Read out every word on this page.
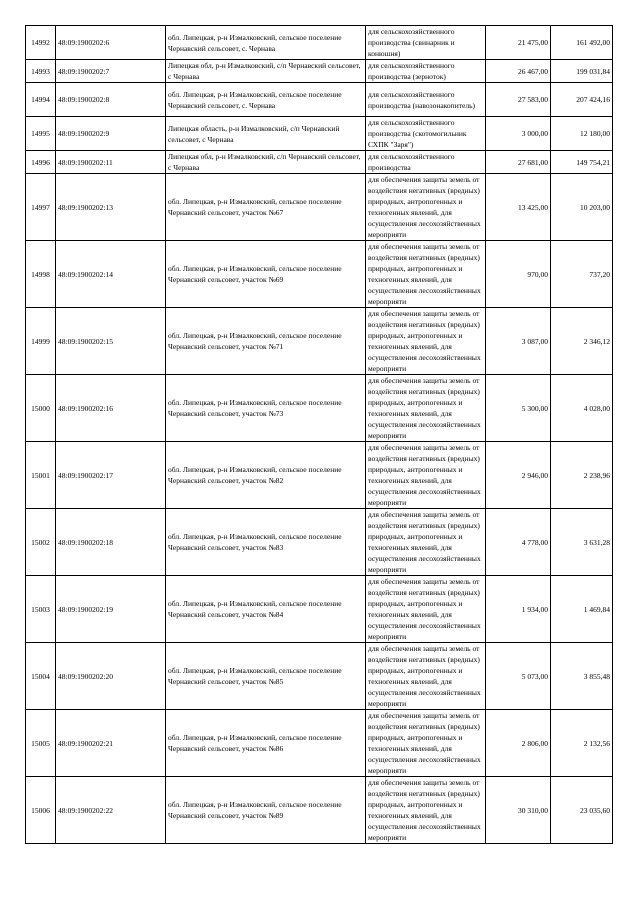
14992	48:09:1900202:6	обл. Липецкая, р-н Измалковский, сельское поселение Чернавский сельсовет, с. Чернава	для сельскохозяйственного производства (свинарник и конюшня)	21 475,00	161 492,00
14993	48:09:1900202:7	Липецкая обл, р-н Измалковский, с/п Чернавский сельсовет, с Чернава	для сельскохозяйственного производства (зерноток)	26 467,00	199 031,84
14994	48:09:1900202:8	обл. Липецкая, р-н Измалковский, сельское поселение Чернавский сельсовет, с. Чернава	для сельскохозяйственного производства (навозонакопитель)	27 583,00	207 424,16
14995	48:09:1900202:9	Липецкая область, р-н Измалковский, с/п Чернавский сельсовет, с Чернава	для сельскохозяйственного производства (скотомогильник СХПК "Заря")	3 000,00	12 180,00
14996	48:09:1900202:11	Липецкая обл, р-н Измалковский, с/п Чернавский сельсовет, с Чернава	для сельскохозяйственного производства	27 681,00	149 754,21
14997	48:09:1900202:13	обл. Липецкая, р-н Измалковский, сельское поселение Чернавский сельсовет, участок №67	для обеспечения защиты земель от воздействия негативных (вредных) природных, антропогенных и техногенных явлений, для осуществления лесохозяйственных мероприяти	13 425,00	10 203,00
14998	48:09:1900202:14	обл. Липецкая, р-н Измалковский, сельское поселение Чернавский сельсовет, участок №69	для обеспечения защиты земель от воздействия негативных (вредных) природных, антропогенных и техногенных явлений, для осуществления лесохозяйственных мероприяти	970,00	737,20
14999	48:09:1900202:15	обл. Липецкая, р-н Измалковский, сельское поселение Чернавский сельсовет, участок №71	для обеспечения защиты земель от воздействия негативных (вредных) природных, антропогенных и техногенных явлений, для осуществления лесохозяйственных мероприяти	3 087,00	2 346,12
15000	48:09:1900202:16	обл. Липецкая, р-н Измалковский, сельское поселение Чернавский сельсовет, участок №73	для обеспечения защиты земель от воздействия негативных (вредных) природных, антропогенных и техногенных явлений, для осуществления лесохозяйственных мероприяти	5 300,00	4 028,00
15001	48:09:1900202:17	обл. Липецкая, р-н Измалковский, сельское поселение Чернавский сельсовет, участок №82	для обеспечения защиты земель от воздействия негативных (вредных) природных, антропогенных и техногенных явлений, для осуществления лесохозяйственных мероприяти	2 946,00	2 238,96
15002	48:09:1900202:18	обл. Липецкая, р-н Измалковский, сельское поселение Чернавский сельсовет, участок №83	для обеспечения защиты земель от воздействия негативных (вредных) природных, антропогенных и техногенных явлений, для осуществления лесохозяйственных мероприяти	4 778,00	3 631,28
15003	48:09:1900202:19	обл. Липецкая, р-н Измалковский, сельское поселение Чернавский сельсовет, участок №84	для обеспечения защиты земель от воздействия негативных (вредных) природных, антропогенных и техногенных явлений, для осуществления лесохозяйственных мероприяти	1 934,00	1 469,84
15004	48:09:1900202:20	обл. Липецкая, р-н Измалковский, сельское поселение Чернавский сельсовет, участок №85	для обеспечения защиты земель от воздействия негативных (вредных) природных, антропогенных и техногенных явлений, для осуществления лесохозяйственных мероприяти	5 073,00	3 855,48
15005	48:09:1900202:21	обл. Липецкая, р-н Измалковский, сельское поселение Чернавский сельсовет, участок №86	для обеспечения защиты земель от воздействия негативных (вредных) природных, антропогенных и техногенных явлений, для осуществления лесохозяйственных мероприяти	2 806,00	2 132,56
15006	48:09:1900202:22	обл. Липецкая, р-н Измалковский, сельское поселение Чернавский сельсовет, участок №89	для обеспечения защиты земель от воздействия негативных (вредных) природных, антропогенных и техногенных явлений, для осуществления лесохозяйственных мероприяти	30 310,00	23 035,60
